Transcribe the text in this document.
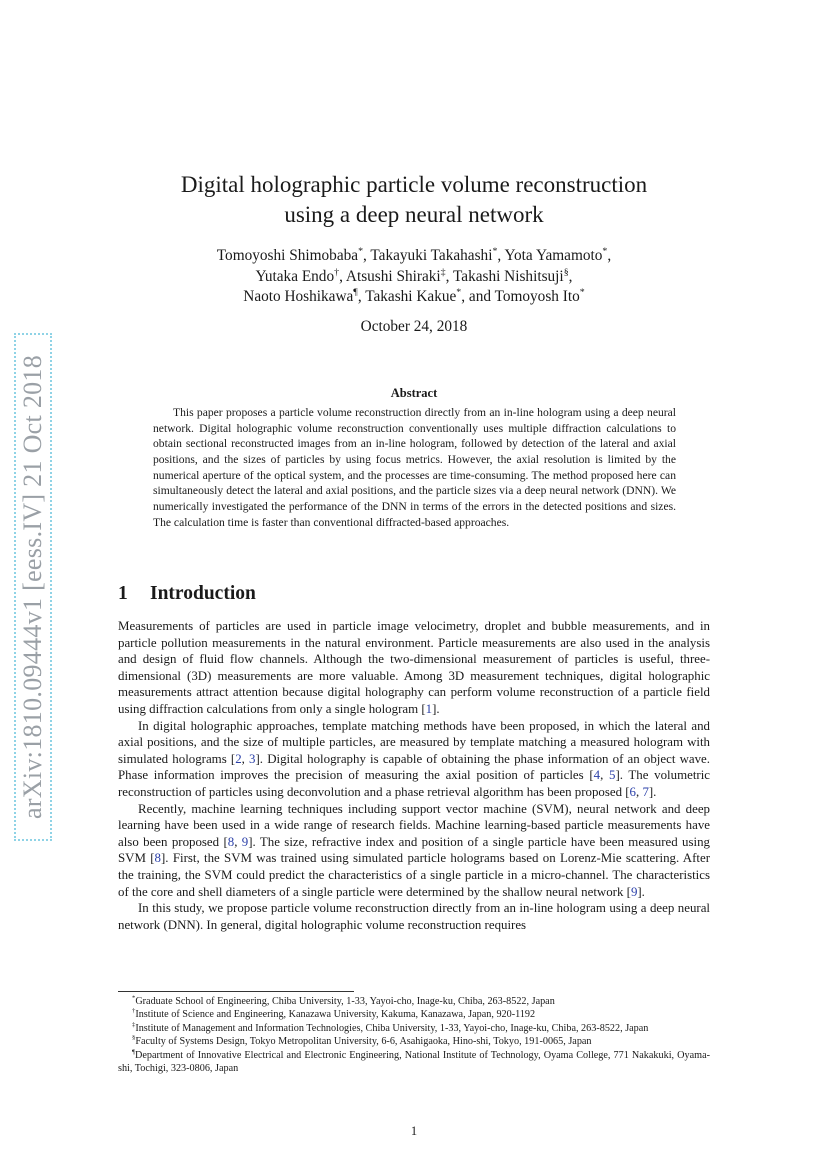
arXiv:1810.09444v1 [eess.IV] 21 Oct 2018
Digital holographic particle volume reconstruction
using a deep neural network
Tomoyoshi Shimobaba*, Takayuki Takahashi*, Yota Yamamoto*,
Yutaka Endo†, Atsushi Shiraki‡, Takashi Nishitsuji§,
Naoto Hoshikawa¶, Takashi Kakue*, and Tomoyosh Ito*
October 24, 2018
Abstract
This paper proposes a particle volume reconstruction directly from an in-line hologram using a deep neural network. Digital holographic volume reconstruction conventionally uses multiple diffraction calculations to obtain sectional reconstructed images from an in-line hologram, followed by detection of the lateral and axial positions, and the sizes of particles by using focus metrics. However, the axial resolution is limited by the numerical aperture of the optical system, and the processes are time-consuming. The method proposed here can simultaneously detect the lateral and axial positions, and the particle sizes via a deep neural network (DNN). We numerically investigated the performance of the DNN in terms of the errors in the detected positions and sizes. The calculation time is faster than conventional diffracted-based approaches.
1 Introduction

Measurements of particles are used in particle image velocimetry, droplet and bubble measurements, and in particle pollution measurements in the natural environment. Particle measurements are also used in the analysis and design of fluid flow channels. Although the two-dimensional measurement of particles is useful, three-dimensional (3D) measurements are more valuable. Among 3D measurement techniques, digital holographic measurements attract attention because digital holography can perform volume reconstruction of a particle field using diffraction calculations from only a single hologram [1].

In digital holographic approaches, template matching methods have been proposed, in which the lateral and axial positions, and the size of multiple particles, are measured by template matching a measured hologram with simulated holograms [2, 3]. Digital holography is capable of obtaining the phase information of an object wave. Phase information improves the precision of measuring the axial position of particles [4, 5]. The volumetric reconstruction of particles using deconvolution and a phase retrieval algorithm has been proposed [6, 7].

Recently, machine learning techniques including support vector machine (SVM), neural network and deep learning have been used in a wide range of research fields. Machine learning-based particle measurements have also been proposed [8, 9]. The size, refractive index and position of a single particle have been measured using SVM [8]. First, the SVM was trained using simulated particle holograms based on Lorenz-Mie scattering. After the training, the SVM could predict the characteristics of a single particle in a micro-channel. The characteristics of the core and shell diameters of a single particle were determined by the shallow neural network [9].

In this study, we propose particle volume reconstruction directly from an in-line hologram using a deep neural network (DNN). In general, digital holographic volume reconstruction requires

*Graduate School of Engineering, Chiba University, 1-33, Yayoi-cho, Inage-ku, Chiba, 263-8522, Japan
†Institute of Science and Engineering, Kanazawa University, Kakuma, Kanazawa, Japan, 920-1192
‡Institute of Management and Information Technologies, Chiba University, 1-33, Yayoi-cho, Inage-ku, Chiba, 263-8522, Japan
§Faculty of Systems Design, Tokyo Metropolitan University, 6-6, Asahigaoka, Hino-shi, Tokyo, 191-0065, Japan
¶Department of Innovative Electrical and Electronic Engineering, National Institute of Technology, Oyama College, 771 Nakakuki, Oyama-shi, Tochigi, 323-0806, Japan
1
